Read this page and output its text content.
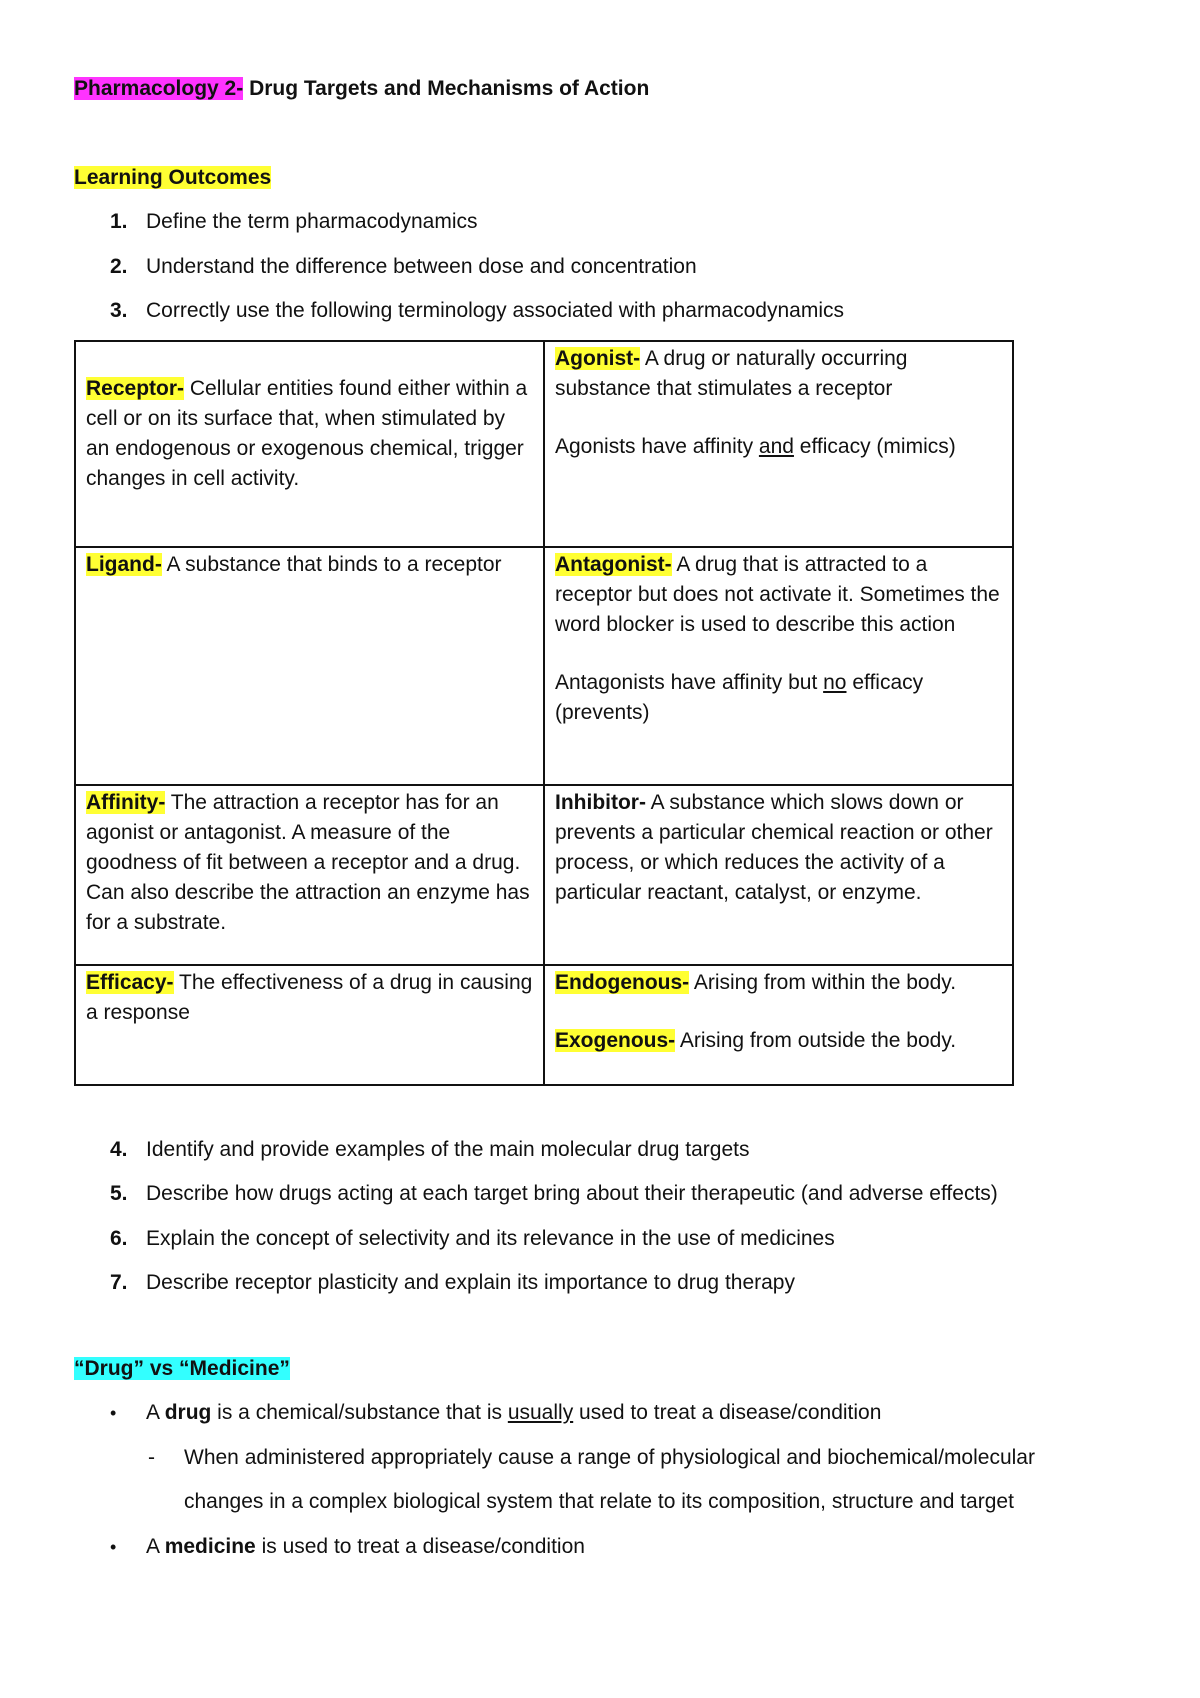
Pharmacology 2- Drug Targets and Mechanisms of Action
Learning Outcomes
1. Define the term pharmacodynamics
2. Understand the difference between dose and concentration
3. Correctly use the following terminology associated with pharmacodynamics

Receptor- Cellular entities found either within a cell or on its surface that, when stimulated by an endogenous or exogenous chemical, trigger changes in cell activity.	Agonist- A drug or naturally occurring substance that stimulates a receptor

Agonists have affinity and efficacy (mimics)

Ligand- A substance that binds to a receptor	Antagonist- A drug that is attracted to a receptor but does not activate it. Sometimes the word blocker is used to describe this action

Antagonists have affinity but no efficacy (prevents)

Affinity- The attraction a receptor has for an agonist or antagonist. A measure of the goodness of fit between a receptor and a drug. Can also describe the attraction an enzyme has for a substrate.	Inhibitor- A substance which slows down or prevents a particular chemical reaction or other process, or which reduces the activity of a particular reactant, catalyst, or enzyme.

Efficacy- The effectiveness of a drug in causing a response	Endogenous- Arising from within the body.

Exogenous- Arising from outside the body.

4. Identify and provide examples of the main molecular drug targets
5. Describe how drugs acting at each target bring about their therapeutic (and adverse effects)
6. Explain the concept of selectivity and its relevance in the use of medicines
7. Describe receptor plasticity and explain its importance to drug therapy
“Drug” vs “Medicine”
• A drug is a chemical/substance that is usually used to treat a disease/condition
- When administered appropriately cause a range of physiological and biochemical/molecular
changes in a complex biological system that relate to its composition, structure and target
• A medicine is used to treat a disease/condition
